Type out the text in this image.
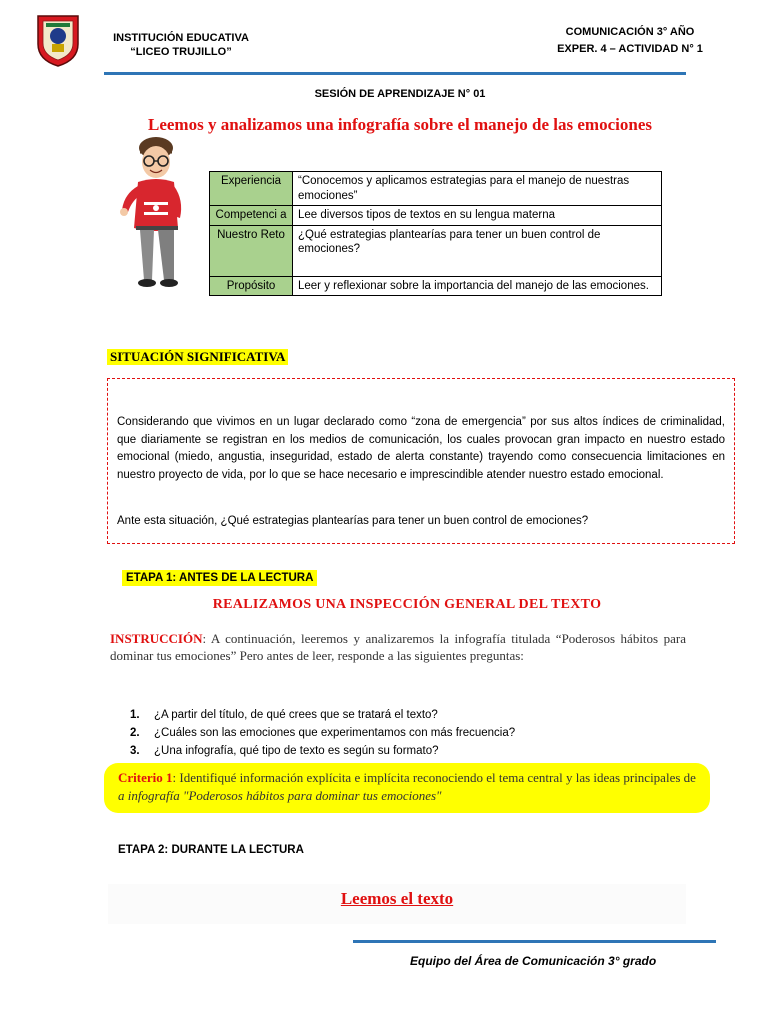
INSTITUCIÓN EDUCATIVA
“LICEO TRUJILLO”
COMUNICACIÓN 3° AÑO
EXPER. 4 – ACTIVIDAD N° 1
SESIÓN DE APRENDIZAJE N° 01
Leemos y analizamos una infografía sobre el manejo de las emociones
Experiencia	“Conocemos y aplicamos estrategias para el manejo de nuestras emociones”
Competenci a	Lee diversos tipos de textos en su lengua materna
Nuestro Reto	¿Qué estrategias plantearías para tener un buen control de emociones?
Propósito	Leer y reflexionar sobre la importancia del manejo de las emociones.
SITUACIÓN SIGNIFICATIVA
Considerando que vivimos en un lugar declarado como “zona de emergencia” por sus altos índices de criminalidad, que diariamente se registran en los medios de comunicación, los cuales provocan gran impacto en nuestro estado emocional (miedo, angustia, inseguridad, estado de alerta constante) trayendo como consecuencia limitaciones en nuestro proyecto de vida, por lo que se hace necesario e imprescindible atender nuestro estado emocional.
Ante esta situación, ¿Qué estrategias plantearías para tener un buen control de emociones?
ETAPA 1: ANTES DE LA LECTURA
REALIZAMOS UNA INSPECCIÓN GENERAL DEL TEXTO
INSTRUCCIÓN: A continuación, leeremos y analizaremos la infografía titulada “Poderosos hábitos para dominar tus emociones” Pero antes de leer, responde a las siguientes preguntas:
1. ¿A partir del título, de qué crees que se tratará el texto?
2. ¿Cuáles son las emociones que experimentamos con más frecuencia?
3. ¿Una infografía, qué tipo de texto es según su formato?
Criterio 1: Identifiqué información explícita e implícita reconociendo el tema central y las ideas principales de a infografía "Poderosos hábitos para dominar tus emociones"
ETAPA 2: DURANTE LA LECTURA
Leemos el texto
Equipo del Área de Comunicación 3° grado
